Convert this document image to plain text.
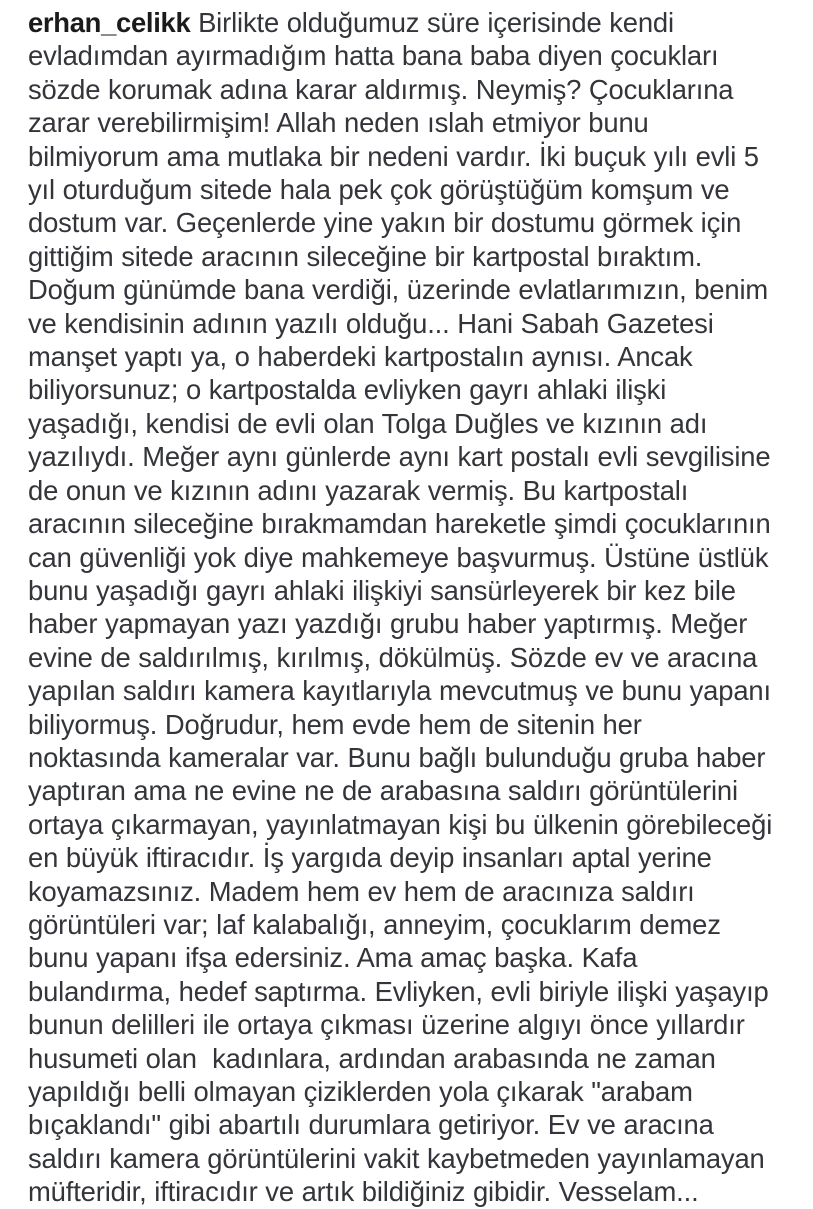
erhan_celikk Birlikte olduğumuz süre içerisinde kendi evladımdan ayırmadığım hatta bana baba diyen çocukları sözde korumak adına karar aldırmış. Neymiş? Çocuklarına zarar verebilirmişim! Allah neden ıslah etmiyor bunu bilmiyorum ama mutlaka bir nedeni vardır. İki buçuk yılı evli 5 yıl oturduğum sitede hala pek çok görüştüğüm komşum ve dostum var. Geçenlerde yine yakın bir dostumu görmek için gittiğim sitede aracının sileceğine bir kartpostal bıraktım. Doğum günümde bana verdiği, üzerinde evlatlarımızın, benim ve kendisinin adının yazılı olduğu... Hani Sabah Gazetesi manşet yaptı ya, o haberdeki kartpostalın aynısı. Ancak biliyorsunuz; o kartpostalda evliyken gayrı ahlaki ilişki yaşadığı, kendisi de evli olan Tolga Duğles ve kızının adı yazılıydı. Meğer aynı günlerde aynı kart postalı evli sevgilisine de onun ve kızının adını yazarak vermiş. Bu kartpostalı aracının sileceğine bırakmamdan hareketle şimdi çocuklarının can güvenliği yok diye mahkemeye başvurmuş. Üstüne üstlük bunu yaşadığı gayrı ahlaki ilişkiyi sansürleyerek bir kez bile haber yapmayan yazı yazdığı grubu haber yaptırmış. Meğer evine de saldırılmış, kırılmış, dökülmüş. Sözde ev ve aracına yapılan saldırı kamera kayıtlarıyla mevcutmuş ve bunu yapanı biliyormuş. Doğrudur, hem evde hem de sitenin her noktasında kameralar var. Bunu bağlı bulunduğu gruba haber yaptıran ama ne evine ne de arabasına saldırı görüntülerini ortaya çıkarmayan, yayınlatmayan kişi bu ülkenin görebileceği en büyük iftiracıdır. İş yargıda deyip insanları aptal yerine koyamazsınız. Madem hem ev hem de aracınıza saldırı görüntüleri var; laf kalabalığı, anneyim, çocuklarım demez bunu yapanı ifşa edersiniz. Ama amaç başka. Kafa bulandırma, hedef saptırma. Evliyken, evli biriyle ilişki yaşayıp bunun delilleri ile ortaya çıkması üzerine algıyı önce yıllardır husumeti olan  kadınlara, ardından arabasında ne zaman yapıldığı belli olmayan çiziklerden yola çıkarak "arabam bıçaklandı" gibi abartılı durumlara getiriyor. Ev ve aracına saldırı kamera görüntülerini vakit kaybetmeden yayınlamayan müfteridir, iftiracıdır ve artık bildiğiniz gibidir. Vesselam...
